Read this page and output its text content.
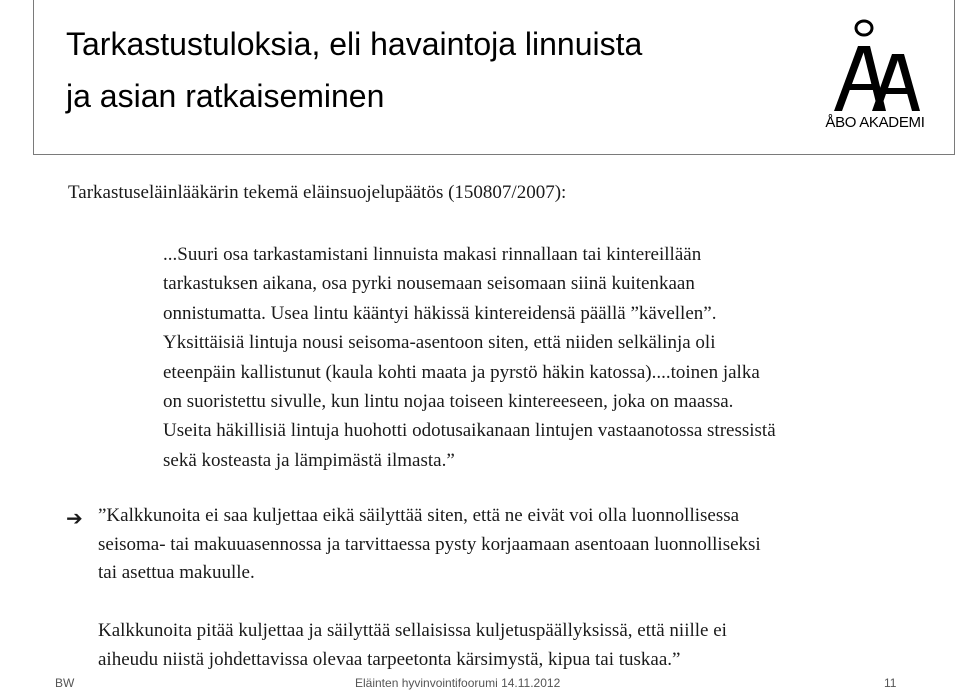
Tarkastustuloksia, eli havaintoja linnuista
ja asian ratkaiseminen
ÅBO AKADEMI
Tarkastuseläinlääkärin tekemä eläinsuojelupäätös (150807/2007):
...Suuri osa tarkastamistani linnuista makasi rinnallaan tai kintereillään
tarkastuksen aikana, osa pyrki nousemaan seisomaan siinä kuitenkaan
onnistumatta. Usea lintu kääntyi häkissä kintereidensä päällä ”kävellen”.
Yksittäisiä lintuja nousi seisoma-asentoon siten, että niiden selkälinja oli
eteenpäin kallistunut (kaula kohti maata ja pyrstö häkin katossa)....toinen jalka
on suoristettu sivulle, kun lintu nojaa toiseen kintereeseen, joka on maassa.
Useita häkillisiä lintuja huohotti odotusaikanaan lintujen vastaanotossa stressistä
sekä kosteasta ja lämpimästä ilmasta.”
➔ ”Kalkkunoita ei saa kuljettaa eikä säilyttää siten, että ne eivät voi olla luonnollisessa
seisoma- tai makuuasennossa ja tarvittaessa pysty korjaamaan asentoaan luonnolliseksi
tai asettua makuulle.
Kalkkunoita pitää kuljettaa ja säilyttää sellaisissa kuljetuspäällyksissä, että niille ei
aiheudu niistä johdettavissa olevaa tarpeetonta kärsimystä, kipua tai tuskaa.”
BW	Eläinten hyvinvointifoorumi 14.11.2012	11
